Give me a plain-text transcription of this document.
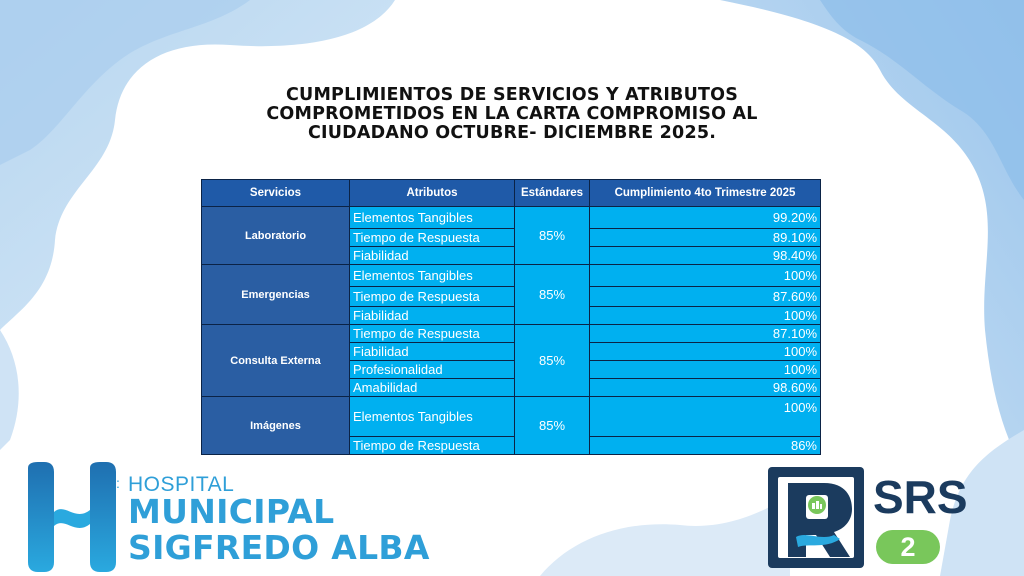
CUMPLIMIENTOS DE SERVICIOS Y ATRIBUTOS COMPROMETIDOS EN LA CARTA COMPROMISO AL CIUDADANO OCTUBRE- DICIEMBRE 2025.
Servicios	Atributos	Estándares	Cumplimiento 4to Trimestre 2025
Laboratorio	Elementos Tangibles	85%	99.20%
	Tiempo de Respuesta		89.10%
	Fiabilidad		98.40%
Emergencias	Elementos Tangibles	85%	100%
	Tiempo de Respuesta		87.60%
	Fiabilidad		100%
Consulta Externa	Tiempo de Respuesta	85%	87.10%
	Fiabilidad		100%
	Profesionalidad		100%
	Amabilidad		98.60%
Imágenes	Elementos Tangibles	85%	100%
	Tiempo de Respuesta		86%
: HOSPITAL
MUNICIPAL
SIGFREDO ALBA
SRS
2
